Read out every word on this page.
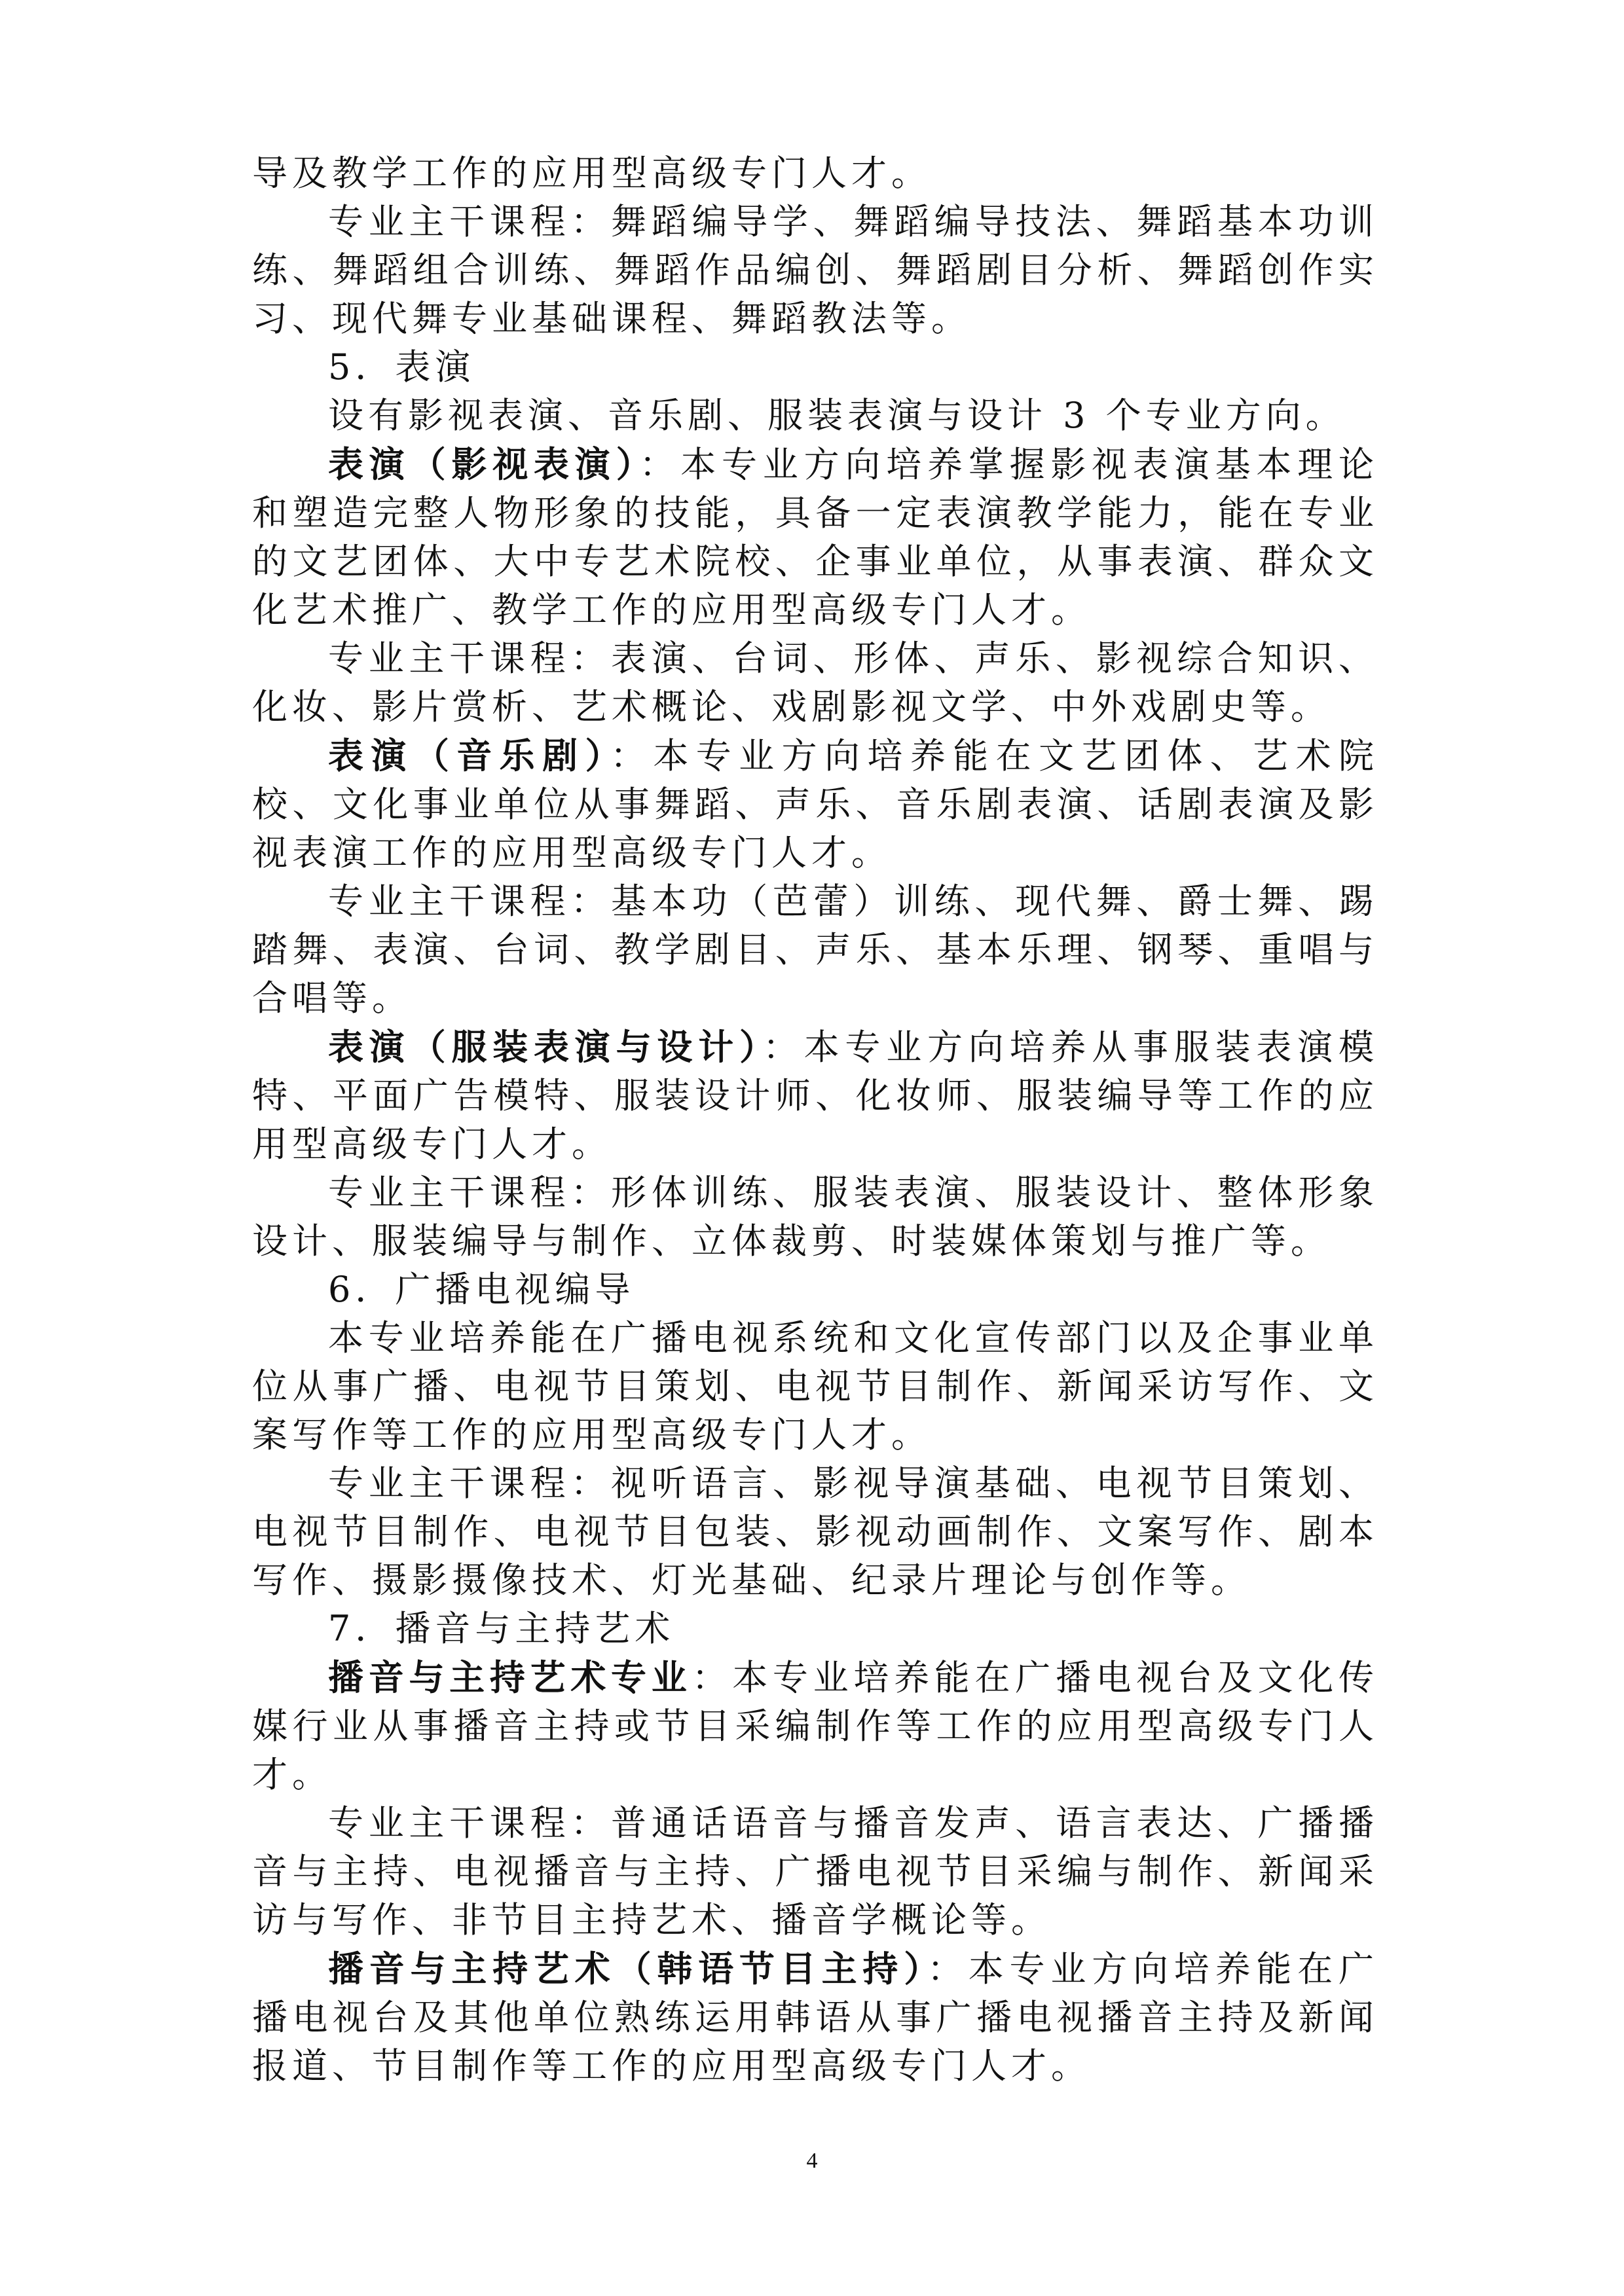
导及教学工作的应用型高级专门人才。

专业主干课程：舞蹈编导学、舞蹈编导技法、舞蹈基本功训练、舞蹈组合训练、舞蹈作品编创、舞蹈剧目分析、舞蹈创作实习、现代舞专业基础课程、舞蹈教法等。

5．表演

设有影视表演、音乐剧、服装表演与设计 3 个专业方向。

表演（影视表演）：本专业方向培养掌握影视表演基本理论和塑造完整人物形象的技能，具备一定表演教学能力，能在专业的文艺团体、大中专艺术院校、企事业单位，从事表演、群众文化艺术推广、教学工作的应用型高级专门人才。

专业主干课程：表演、台词、形体、声乐、影视综合知识、化妆、影片赏析、艺术概论、戏剧影视文学、中外戏剧史等。

表演（音乐剧）：本专业方向培养能在文艺团体、艺术院校、文化事业单位从事舞蹈、声乐、音乐剧表演、话剧表演及影视表演工作的应用型高级专门人才。

专业主干课程：基本功（芭蕾）训练、现代舞、爵士舞、踢踏舞、表演、台词、教学剧目、声乐、基本乐理、钢琴、重唱与合唱等。

表演（服装表演与设计）：本专业方向培养从事服装表演模特、平面广告模特、服装设计师、化妆师、服装编导等工作的应用型高级专门人才。

专业主干课程：形体训练、服装表演、服装设计、整体形象设计、服装编导与制作、立体裁剪、时装媒体策划与推广等。

6．广播电视编导

本专业培养能在广播电视系统和文化宣传部门以及企事业单位从事广播、电视节目策划、电视节目制作、新闻采访写作、文案写作等工作的应用型高级专门人才。

专业主干课程：视听语言、影视导演基础、电视节目策划、电视节目制作、电视节目包装、影视动画制作、文案写作、剧本写作、摄影摄像技术、灯光基础、纪录片理论与创作等。

7．播音与主持艺术

播音与主持艺术专业：本专业培养能在广播电视台及文化传媒行业从事播音主持或节目采编制作等工作的应用型高级专门人才。

专业主干课程：普通话语音与播音发声、语言表达、广播播音与主持、电视播音与主持、广播电视节目采编与制作、新闻采访与写作、非节目主持艺术、播音学概论等。

播音与主持艺术（韩语节目主持）：本专业方向培养能在广播电视台及其他单位熟练运用韩语从事广播电视播音主持及新闻报道、节目制作等工作的应用型高级专门人才。

4
